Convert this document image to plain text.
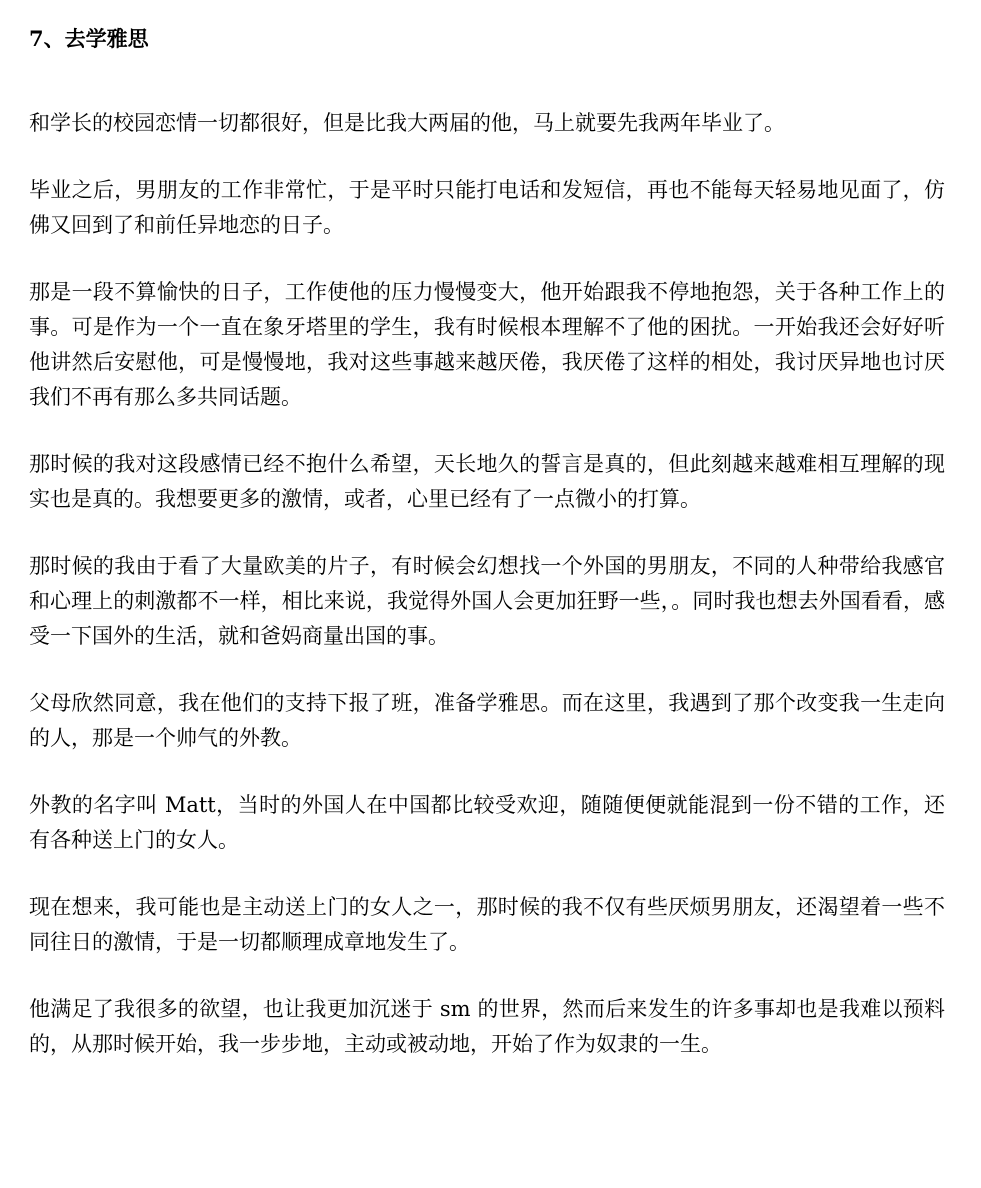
7、去学雅思

和学长的校园恋情一切都很好，但是比我大两届的他，马上就要先我两年毕业了。

毕业之后，男朋友的工作非常忙，于是平时只能打电话和发短信，再也不能每天轻易地见面了，仿佛又回到了和前任异地恋的日子。

那是一段不算愉快的日子，工作使他的压力慢慢变大，他开始跟我不停地抱怨，关于各种工作上的事。可是作为一个一直在象牙塔里的学生，我有时候根本理解不了他的困扰。一开始我还会好好听他讲然后安慰他，可是慢慢地，我对这些事越来越厌倦，我厌倦了这样的相处，我讨厌异地也讨厌我们不再有那么多共同话题。

那时候的我对这段感情已经不抱什么希望，天长地久的誓言是真的，但此刻越来越难相互理解的现实也是真的。我想要更多的激情，或者，心里已经有了一点微小的打算。

那时候的我由于看了大量欧美的片子，有时候会幻想找一个外国的男朋友，不同的人种带给我感官和心理上的刺激都不一样，相比来说，我觉得外国人会更加狂野一些，。同时我也想去外国看看，感受一下国外的生活，就和爸妈商量出国的事。

父母欣然同意，我在他们的支持下报了班，准备学雅思。而在这里，我遇到了那个改变我一生走向的人，那是一个帅气的外教。

外教的名字叫 Matt，当时的外国人在中国都比较受欢迎，随随便便就能混到一份不错的工作，还有各种送上门的女人。

现在想来，我可能也是主动送上门的女人之一，那时候的我不仅有些厌烦男朋友，还渴望着一些不同往日的激情，于是一切都顺理成章地发生了。

他满足了我很多的欲望，也让我更加沉迷于 sm 的世界，然而后来发生的许多事却也是我难以预料的，从那时候开始，我一步步地，主动或被动地，开始了作为奴隶的一生。
